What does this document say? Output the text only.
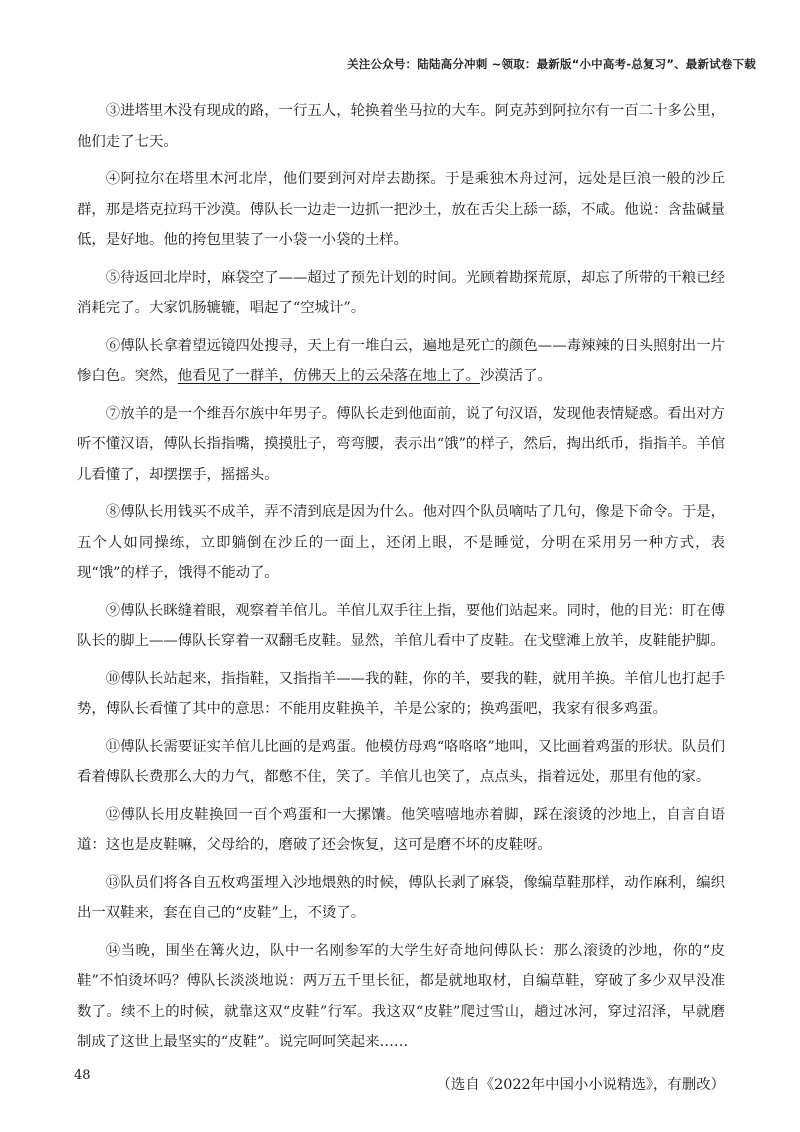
关注公众号：陆陆高分冲刺 ~领取：最新版“小中高考-总复习”、最新试卷下载

③进塔里木没有现成的路，一行五人，轮换着坐马拉的大车。阿克苏到阿拉尔有一百二十多公里，他们走了七天。

④阿拉尔在塔里木河北岸，他们要到河对岸去勘探。于是乘独木舟过河，远处是巨浪一般的沙丘群，那是塔克拉玛干沙漠。傅队长一边走一边抓一把沙土，放在舌尖上舔一舔，不咸。他说：含盐碱量低，是好地。他的挎包里装了一小袋一小袋的土样。

⑤待返回北岸时，麻袋空了——超过了预先计划的时间。光顾着勘探荒原，却忘了所带的干粮已经消耗完了。大家饥肠辘辘，唱起了“空城计”。

⑥傅队长拿着望远镜四处搜寻，天上有一堆白云，遍地是死亡的颜色——毒辣辣的日头照射出一片惨白色。突然，他看见了一群羊，仿佛天上的云朵落在地上了。沙漠活了。

⑦放羊的是一个维吾尔族中年男子。傅队长走到他面前，说了句汉语，发现他表情疑惑。看出对方听不懂汉语，傅队长指指嘴，摸摸肚子，弯弯腰，表示出“饿”的样子，然后，掏出纸币，指指羊。羊倌儿看懂了，却摆摆手，摇摇头。

⑧傅队长用钱买不成羊，弄不清到底是因为什么。他对四个队员嘀咕了几句，像是下命令。于是，五个人如同操练，立即躺倒在沙丘的一面上，还闭上眼，不是睡觉，分明在采用另一种方式，表现“饿”的样子，饿得不能动了。

⑨傅队长眯缝着眼，观察着羊倌儿。羊倌儿双手往上指，要他们站起来。同时，他的目光：盯在傅队长的脚上——傅队长穿着一双翻毛皮鞋。显然，羊倌儿看中了皮鞋。在戈壁滩上放羊，皮鞋能护脚。

⑩傅队长站起来，指指鞋，又指指羊——我的鞋，你的羊，要我的鞋，就用羊换。羊倌儿也打起手势，傅队长看懂了其中的意思：不能用皮鞋换羊，羊是公家的；换鸡蛋吧，我家有很多鸡蛋。

⑪傅队长需要证实羊倌儿比画的是鸡蛋。他模仿母鸡“咯咯咯”地叫，又比画着鸡蛋的形状。队员们看着傅队长费那么大的力气，都憋不住，笑了。羊倌儿也笑了，点点头，指着远处，那里有他的家。

⑫傅队长用皮鞋换回一百个鸡蛋和一大摞馕。他笑嘻嘻地赤着脚，踩在滚烫的沙地上，自言自语道：这也是皮鞋嘛，父母给的，磨破了还会恢复，这可是磨不坏的皮鞋呀。

⑬队员们将各自五枚鸡蛋埋入沙地煨熟的时候，傅队长剥了麻袋，像编草鞋那样，动作麻利，编织出一双鞋来，套在自己的“皮鞋”上，不烫了。

⑭当晚，围坐在篝火边，队中一名刚参军的大学生好奇地问傅队长：那么滚烫的沙地，你的“皮鞋”不怕烫坏吗？傅队长淡淡地说：两万五千里长征，都是就地取材，自编草鞋，穿破了多少双早没准数了。续不上的时候，就靠这双“皮鞋”行军。我这双“皮鞋”爬过雪山，趟过冰河，穿过沼泽，早就磨制成了这世上最坚实的“皮鞋”。说完呵呵笑起来……

（选自《2022年中国小小说精选》，有删改）
48
